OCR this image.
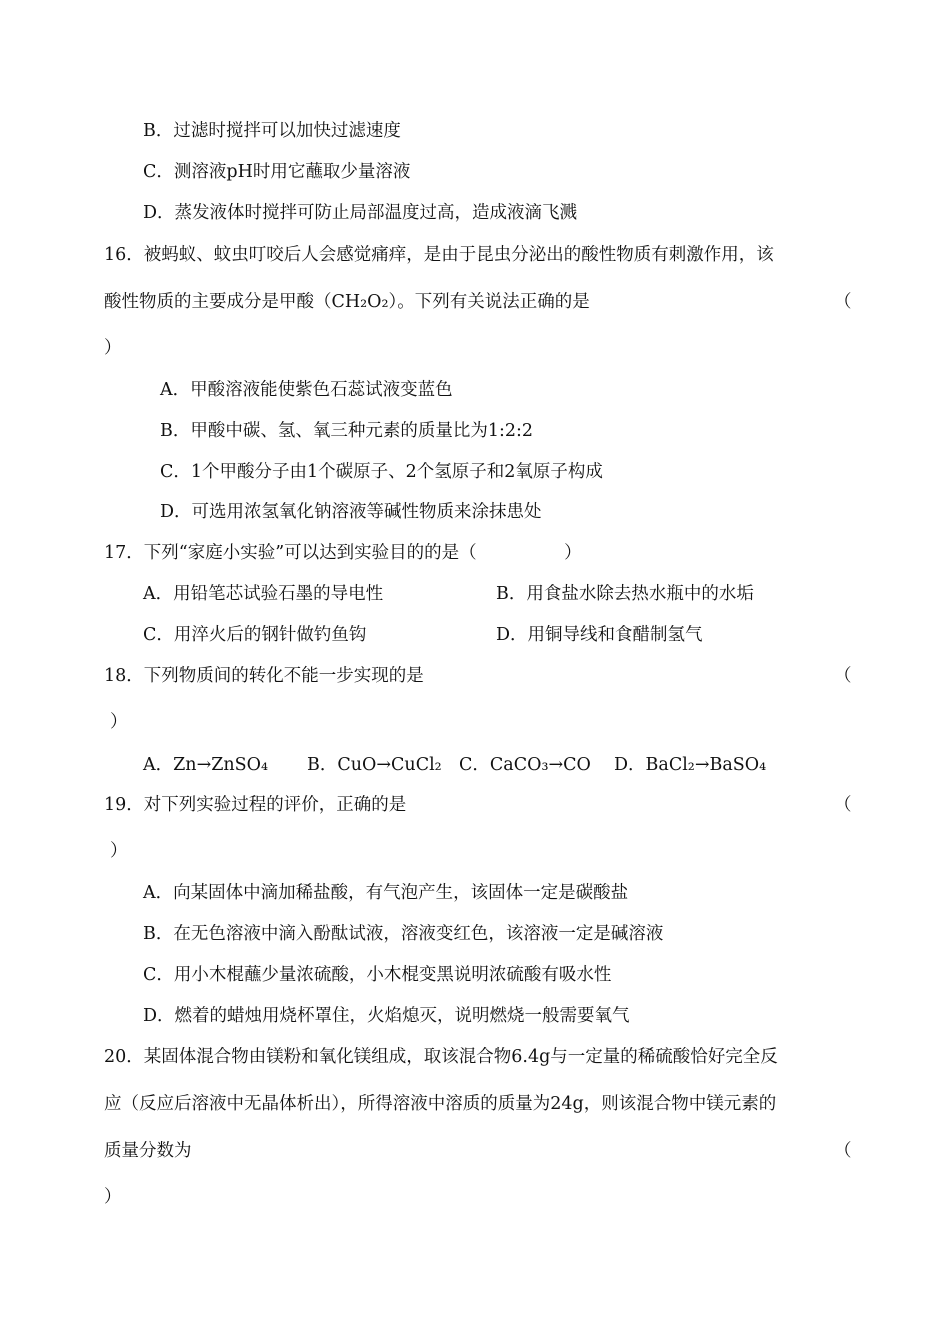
B．过滤时搅拌可以加快过滤速度
C．测溶液pH时用它蘸取少量溶液
D．蒸发液体时搅拌可防止局部温度过高，造成液滴飞溅
16．被蚂蚁、蚊虫叮咬后人会感觉痛痒，是由于昆虫分泌出的酸性物质有刺激作用，该
酸性物质的主要成分是甲酸（CH₂O₂）。下列有关说法正确的是	（
）
A．甲酸溶液能使紫色石蕊试液变蓝色
B．甲酸中碳、氢、氧三种元素的质量比为1:2:2
C．1个甲酸分子由1个碳原子、2个氢原子和2氧原子构成
D．可选用浓氢氧化钠溶液等碱性物质来涂抹患处
17．下列“家庭小实验”可以达到实验目的的是（　　　　　）
A．用铅笔芯试验石墨的导电性	B．用食盐水除去热水瓶中的水垢
C．用淬火后的钢针做钓鱼钩	D．用铜导线和食醋制氢气
18．下列物质间的转化不能一步实现的是	（
）
A．Zn→ZnSO₄ B．CuO→CuCl₂ C．CaCO₃→CO D．BaCl₂→BaSO₄
19．对下列实验过程的评价，正确的是	（
）
A．向某固体中滴加稀盐酸，有气泡产生，该固体一定是碳酸盐
B．在无色溶液中滴入酚酞试液，溶液变红色，该溶液一定是碱溶液
C．用小木棍蘸少量浓硫酸，小木棍变黑说明浓硫酸有吸水性
D．燃着的蜡烛用烧杯罩住，火焰熄灭，说明燃烧一般需要氧气
20．某固体混合物由镁粉和氧化镁组成，取该混合物6.4g与一定量的稀硫酸恰好完全反
应（反应后溶液中无晶体析出），所得溶液中溶质的质量为24g，则该混合物中镁元素的
质量分数为	（
）
